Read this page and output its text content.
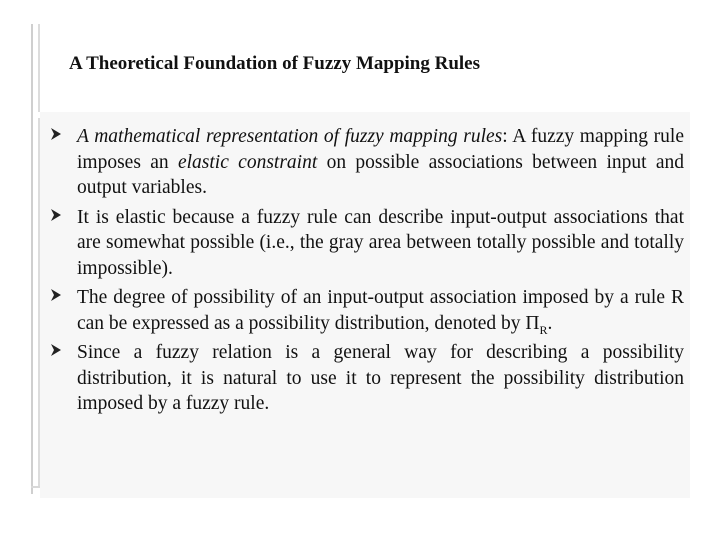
A Theoretical Foundation of Fuzzy Mapping Rules
A mathematical representation of fuzzy mapping rules: A fuzzy mapping rule imposes an elastic constraint on possible associations between input and output variables.
It is elastic because a fuzzy rule can describe input-output associations that are somewhat possible (i.e., the gray area between totally possible and totally impossible).
The degree of possibility of an input-output association imposed by a rule R can be expressed as a possibility distribution, denoted by $\Pi_R$.
Since a fuzzy relation is a general way for describing a possibility distribution, it is natural to use it to represent the possibility distribution imposed by a fuzzy rule.
